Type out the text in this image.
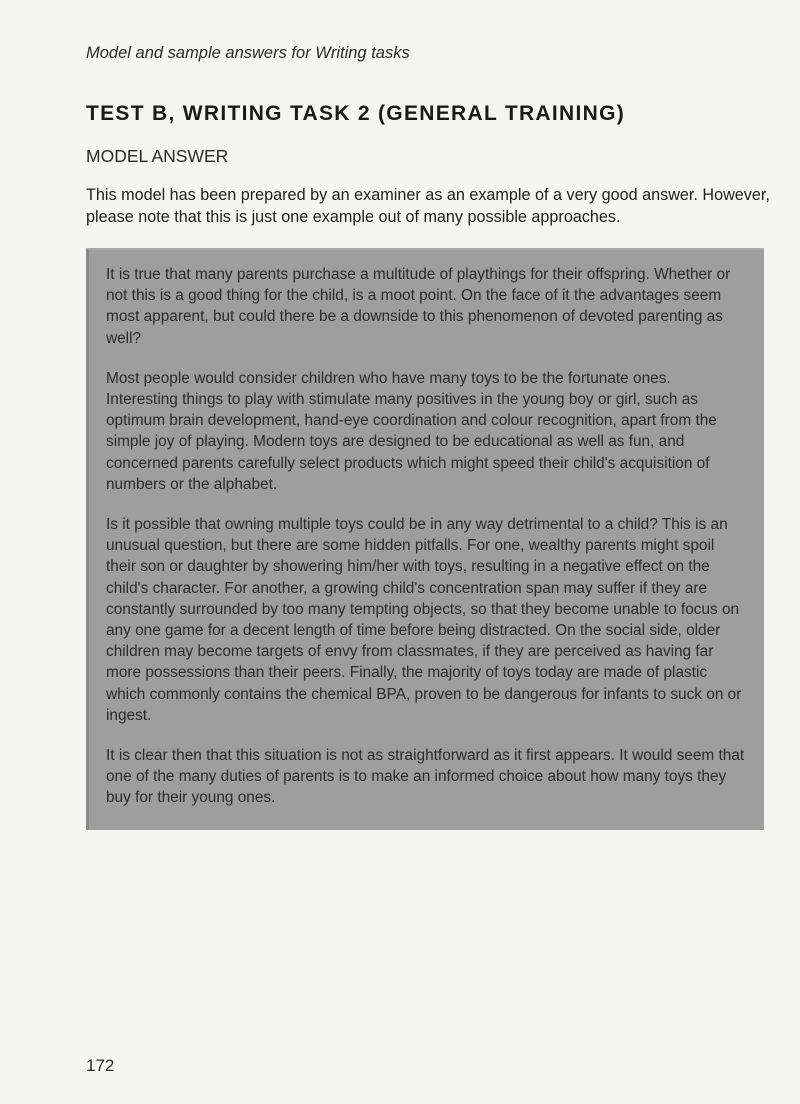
Model and sample answers for Writing tasks
TEST B, WRITING TASK 2 (GENERAL TRAINING)
MODEL ANSWER

This model has been prepared by an examiner as an example of a very good answer. However, please note that this is just one example out of many possible approaches.

It is true that many parents purchase a multitude of playthings for their offspring. Whether or not this is a good thing for the child, is a moot point. On the face of it the advantages seem most apparent, but could there be a downside to this phenomenon of devoted parenting as well?

Most people would consider children who have many toys to be the fortunate ones. Interesting things to play with stimulate many positives in the young boy or girl, such as optimum brain development, hand-eye coordination and colour recognition, apart from the simple joy of playing. Modern toys are designed to be educational as well as fun, and concerned parents carefully select products which might speed their child's acquisition of numbers or the alphabet.

Is it possible that owning multiple toys could be in any way detrimental to a child? This is an unusual question, but there are some hidden pitfalls. For one, wealthy parents might spoil their son or daughter by showering him/her with toys, resulting in a negative effect on the child's character. For another, a growing child's concentration span may suffer if they are constantly surrounded by too many tempting objects, so that they become unable to focus on any one game for a decent length of time before being distracted. On the social side, older children may become targets of envy from classmates, if they are perceived as having far more possessions than their peers. Finally, the majority of toys today are made of plastic which commonly contains the chemical BPA, proven to be dangerous for infants to suck on or ingest.

It is clear then that this situation is not as straightforward as it first appears. It would seem that one of the many duties of parents is to make an informed choice about how many toys they buy for their young ones.

172
